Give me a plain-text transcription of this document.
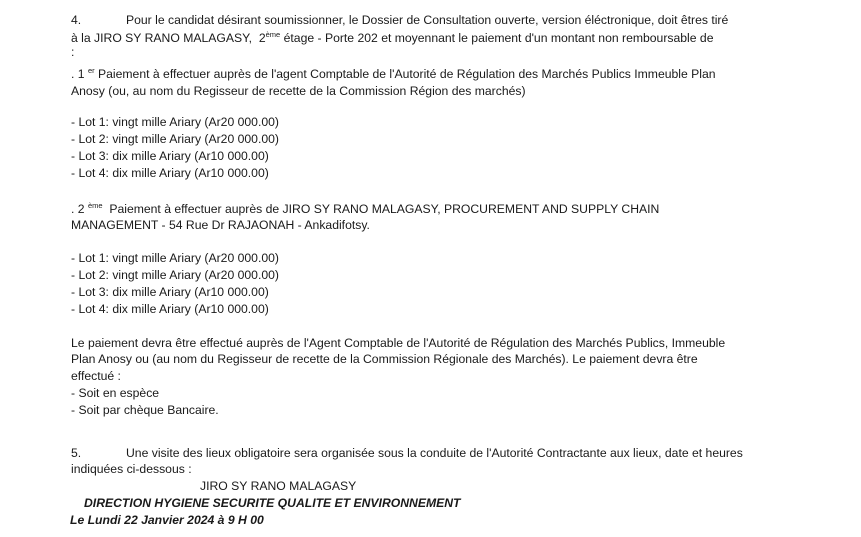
4.	Pour le candidat désirant soumissionner, le Dossier de Consultation ouverte, version éléctronique, doit êtres tiré
à la JIRO SY RANO MALAGASY, 2ème étage - Porte 202 et moyennant le paiement d'un montant non remboursable de
:
. 1 $^{er}$ Paiement à effectuer auprès de l'agent Comptable de l'Autorité de Régulation des Marchés Publics Immeuble Plan
Anosy (ou, au nom du Regisseur de recette de la Commission Région des marchés)
- Lot 1: vingt mille Ariary (Ar20 000.00)
- Lot 2: vingt mille Ariary (Ar20 000.00)
- Lot 3: dix mille Ariary (Ar10 000.00)
- Lot 4: dix mille Ariary (Ar10 000.00)
. 2 $^{ème}$ Paiement à effectuer auprès de JIRO SY RANO MALAGASY, PROCUREMENT AND SUPPLY CHAIN
MANAGEMENT - 54 Rue Dr RAJAONAH - Ankadifotsy.
- Lot 1: vingt mille Ariary (Ar20 000.00)
- Lot 2: vingt mille Ariary (Ar20 000.00)
- Lot 3: dix mille Ariary (Ar10 000.00)
- Lot 4: dix mille Ariary (Ar10 000.00)
Le paiement devra être effectué auprès de l'Agent Comptable de l'Autorité de Régulation des Marchés Publics, Immeuble
Plan Anosy ou (au nom du Regisseur de recette de la Commission Régionale des Marchés). Le paiement devra être
effectué :
- Soit en espèce
- Soit par chèque Bancaire.
5.	Une visite des lieux obligatoire sera organisée sous la conduite de l'Autorité Contractante aux lieux, date et heures
indiquées ci-dessous :
JIRO SY RANO MALAGASY
DIRECTION HYGIENE SECURITE QUALITE ET ENVIRONNEMENT
Le Lundi 22 Janvier 2024 à 9 H 00
